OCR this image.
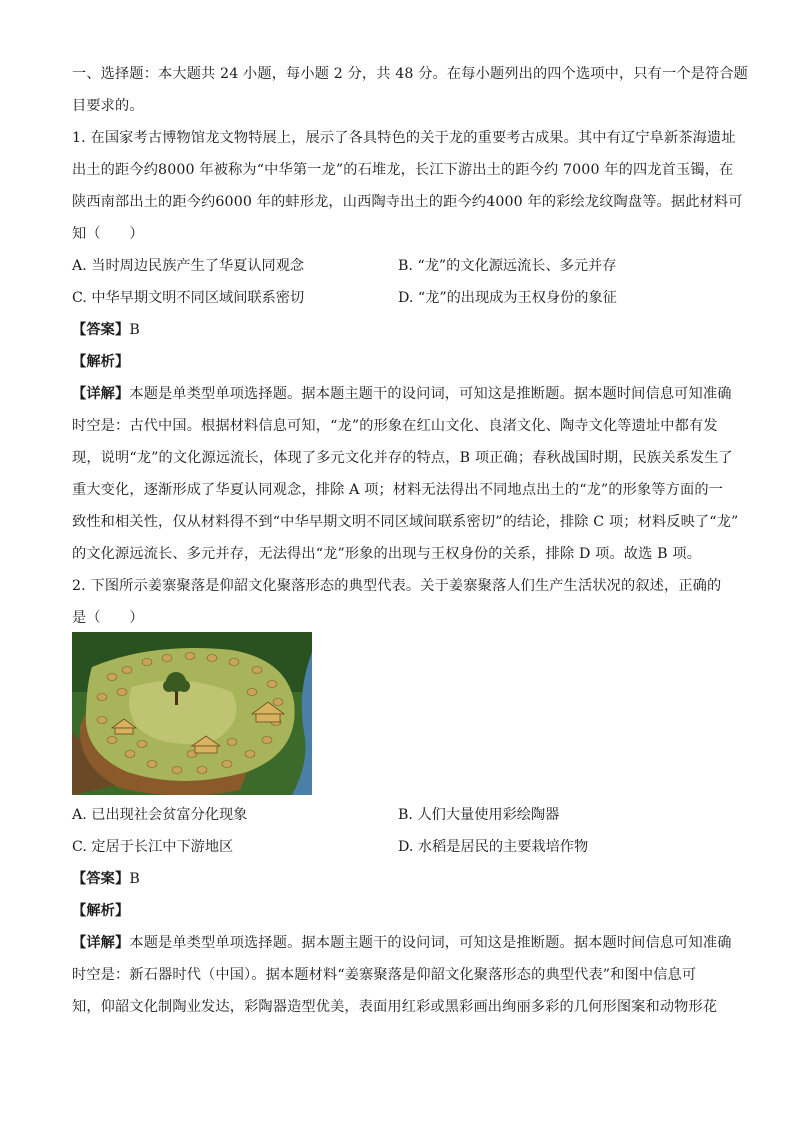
一、选择题：本大题共 24 小题，每小题 2 分，共 48 分。在每小题列出的四个选项中，只有一个是符合题

目要求的。

1. 在国家考古博物馆龙文物特展上，展示了各具特色的关于龙的重要考古成果。其中有辽宁阜新茶海遗址

出土的距今约8000 年被称为“中华第一龙”的石堆龙，长江下游出土的距今约 7000 年的四龙首玉镯，在

陕西南部出土的距今约6000 年的蚌形龙，山西陶寺出土的距今约4000 年的彩绘龙纹陶盘等。据此材料可

知（　　）

A. 当时周边民族产生了华夏认同观念	B. “龙”的文化源远流长、多元并存
C. 中华早期文明不同区域间联系密切	D. “龙”的出现成为王权身份的象征

【答案】B

【解析】

【详解】本题是单类型单项选择题。据本题主题干的设问词，可知这是推断题。据本题时间信息可知准确

时空是：古代中国。根据材料信息可知，“龙”的形象在红山文化、良渚文化、陶寺文化等遗址中都有发

现，说明“龙”的文化源远流长，体现了多元文化并存的特点，B 项正确；春秋战国时期，民族关系发生了

重大变化，逐渐形成了华夏认同观念，排除 A 项；材料无法得出不同地点出土的“龙”的形象等方面的一

致性和相关性，仅从材料得不到“中华早期文明不同区域间联系密切”的结论，排除 C 项；材料反映了“龙”

的文化源远流长、多元并存，无法得出“龙”形象的出现与王权身份的关系，排除 D 项。故选 B 项。

2. 下图所示姜寨聚落是仰韶文化聚落形态的典型代表。关于姜寨聚落人们生产生活状况的叙述，正确的

是（　　）

A. 已出现社会贫富分化现象	B. 人们大量使用彩绘陶器
C. 定居于长江中下游地区	D. 水稻是居民的主要栽培作物

【答案】B

【解析】

【详解】本题是单类型单项选择题。据本题主题干的设问词，可知这是推断题。据本题时间信息可知准确

时空是：新石器时代（中国）。据本题材料“姜寨聚落是仰韶文化聚落形态的典型代表”和图中信息可

知，仰韶文化制陶业发达，彩陶器造型优美，表面用红彩或黑彩画出绚丽多彩的几何形图案和动物形花
